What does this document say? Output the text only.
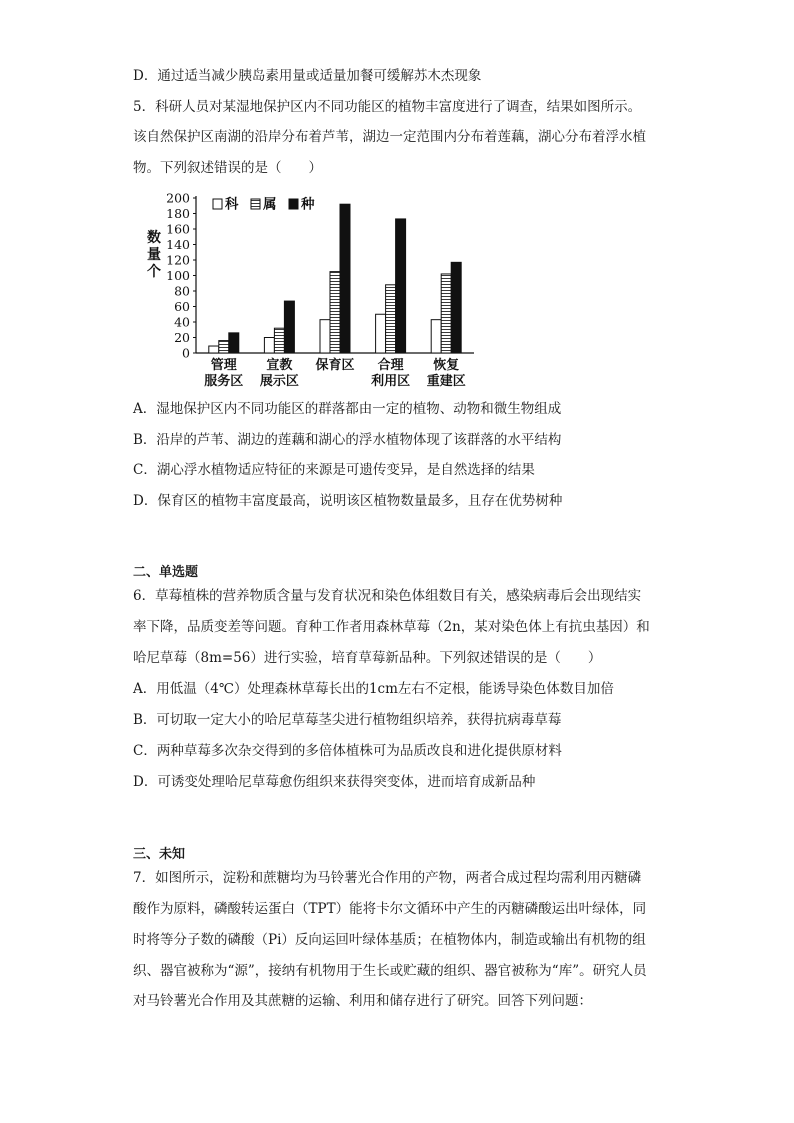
D．通过适当减少胰岛素用量或适量加餐可缓解苏木杰现象
5．科研人员对某湿地保护区内不同功能区的植物丰富度进行了调查，结果如图所示。
该自然保护区南湖的沿岸分布着芦苇，湖边一定范围内分布着莲藕，湖心分布着浮水植
物。下列叙述错误的是（　　）
0
20
40
60
80
100
120
140
160
180
200
数
量
个
管理
服务区
宣教
展示区
保育区 合理
利用区
恢复
重建区
科 属 种
A．湿地保护区内不同功能区的群落都由一定的植物、动物和微生物组成
B．沿岸的芦苇、湖边的莲藕和湖心的浮水植物体现了该群落的水平结构
C．湖心浮水植物适应特征的来源是可遗传变异，是自然选择的结果
D．保育区的植物丰富度最高，说明该区植物数量最多，且存在优势树种
二、单选题
6．草莓植株的营养物质含量与发育状况和染色体组数目有关，感染病毒后会出现结实
率下降，品质变差等问题。育种工作者用森林草莓（2n，某对染色体上有抗虫基因）和
哈尼草莓（8m=56）进行实验，培育草莓新品种。下列叙述错误的是（　　）
A．用低温（4℃）处理森林草莓长出的1cm左右不定根，能诱导染色体数目加倍
B．可切取一定大小的哈尼草莓茎尖进行植物组织培养，获得抗病毒草莓
C．两种草莓多次杂交得到的多倍体植株可为品质改良和进化提供原材料
D．可诱变处理哈尼草莓愈伤组织来获得突变体，进而培育成新品种
三、未知
7．如图所示，淀粉和蔗糖均为马铃薯光合作用的产物，两者合成过程均需利用丙糖磷
酸作为原料，磷酸转运蛋白（TPT）能将卡尔文循环中产生的丙糖磷酸运出叶绿体，同
时将等分子数的磷酸（Pi）反向运回叶绿体基质；在植物体内，制造或输出有机物的组
织、器官被称为“源”，接纳有机物用于生长或贮藏的组织、器官被称为“库”。研究人员
对马铃薯光合作用及其蔗糖的运输、利用和储存进行了研究。回答下列问题：
